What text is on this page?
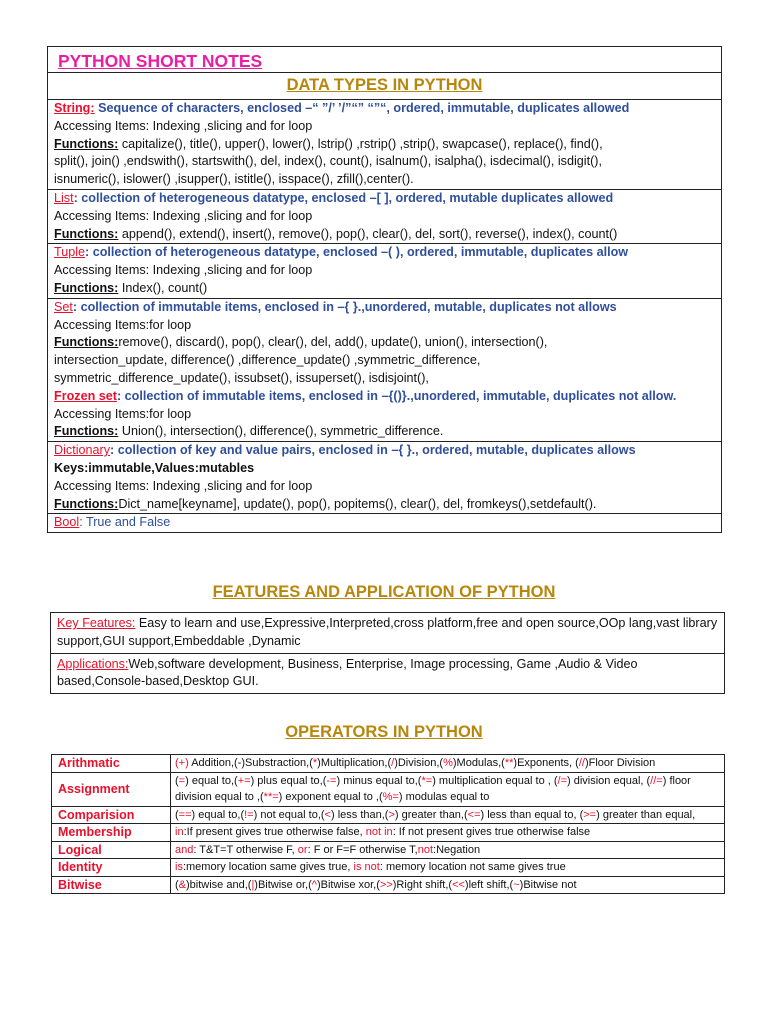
PYTHON SHORT NOTES
DATA TYPES IN PYTHON
String: Sequence of characters, enclosed –“ ”/’ ’/”“” “”“, ordered, immutable, duplicates allowed
Accessing Items: Indexing ,slicing and for loop
Functions: capitalize(), title(), upper(), lower(), lstrip() ,rstrip() ,strip(), swapcase(), replace(), find(),
split(), join() ,endswith(), startswith(), del, index(), count(), isalnum(), isalpha(), isdecimal(), isdigit(),
isnumeric(), islower() ,isupper(), istitle(), isspace(), zfill(),center().
List: collection of heterogeneous datatype, enclosed –[ ], ordered, mutable duplicates allowed
Accessing Items: Indexing ,slicing and for loop
Functions: append(), extend(), insert(), remove(), pop(), clear(), del, sort(), reverse(), index(), count()
Tuple: collection of heterogeneous datatype, enclosed –( ), ordered, immutable, duplicates allow
Accessing Items: Indexing ,slicing and for loop
Functions: Index(), count()
Set: collection of immutable items, enclosed in –{ }.,unordered, mutable, duplicates not allows
Accessing Items:for loop
Functions:remove(), discard(), pop(), clear(), del, add(), update(), union(), intersection(),
intersection_update, difference() ,difference_update() ,symmetric_difference,
symmetric_difference_update(), issubset(), issuperset(), isdisjoint(),
Frozen set: collection of immutable items, enclosed in –{()}.,unordered, immutable, duplicates not allow.
Accessing Items:for loop
Functions: Union(), intersection(), difference(), symmetric_difference.
Dictionary: collection of key and value pairs, enclosed in –{ }., ordered, mutable, duplicates allows
Keys:immutable,Values:mutables
Accessing Items: Indexing ,slicing and for loop
Functions:Dict_name[keyname], update(), pop(), popitems(), clear(), del, fromkeys(),setdefault().
Bool: True and False
FEATURES AND APPLICATION OF PYTHON
Key Features: Easy to learn and use,Expressive,Interpreted,cross platform,free and open source,OOp lang,vast library support,GUI support,Embeddable ,Dynamic
Applications:Web,software development, Business, Enterprise, Image processing, Game ,Audio & Video based,Console-based,Desktop GUI.
OPERATORS IN PYTHON
Arithmatic	(+) Addition,(-)Substraction,(*)Multiplication,(/)Division,(%)Modulas,(**)Exponents, (//)Floor Division
Assignment	(=) equal to,(+=) plus equal to,(-=) minus equal to,(*=) multiplication equal to , (/=) division equal, (//=) floor division equal to ,(**=) exponent equal to ,(%=) modulas equal to
Comparision	(==) equal to,(!=) not equal to,(<) less than,(>) greater than,(<=) less than equal to, (>=) greater than equal,
Membership	in:If present gives true otherwise false, not in: If not present gives true otherwise false
Logical	and: T&T=T otherwise F, or: F or F=F otherwise T,not:Negation
Identity	is:memory location same gives true, is not: memory location not same gives true
Bitwise	(&)bitwise and,(|)Bitwise or,(^)Bitwise xor,(>>)Right shift,(<<)left shift,(~)Bitwise not
